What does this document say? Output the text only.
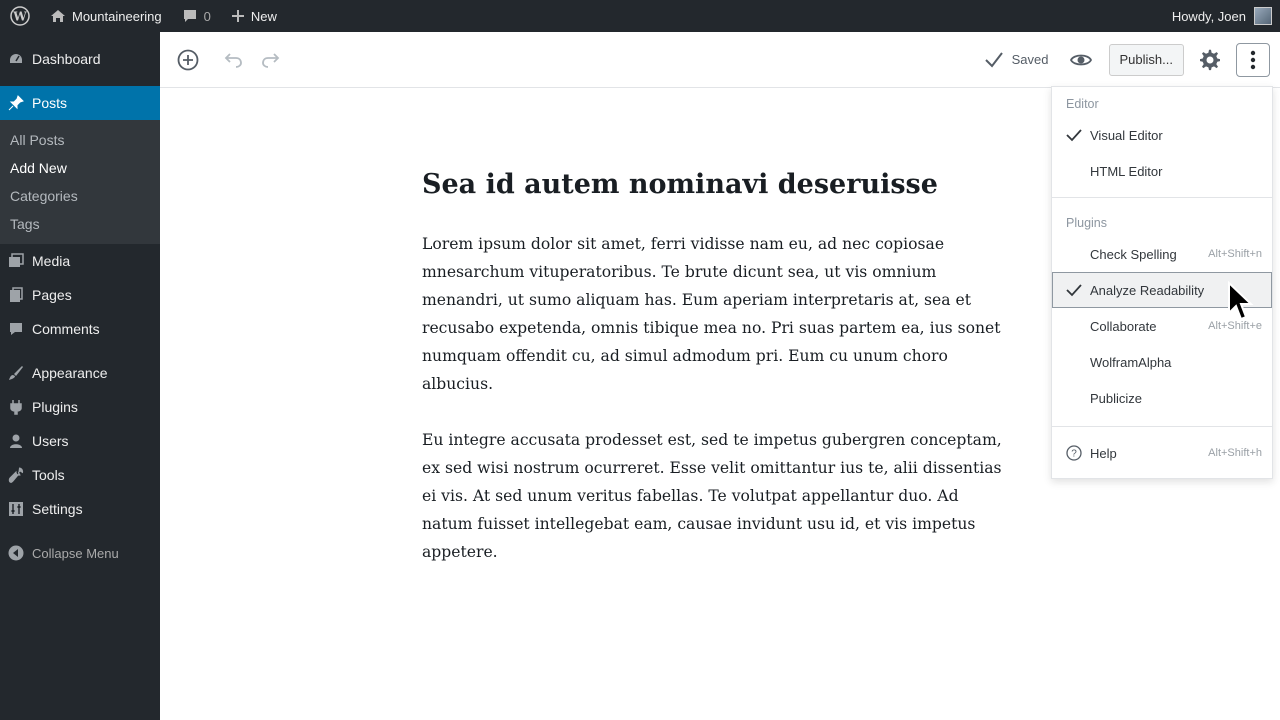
W	Mountaineering	0	New	Howdy, Joen
Dashboard
Posts
All Posts
Add New
Categories
Tags
Media
Pages
Comments
Appearance
Plugins
Users
Tools
Settings
Collapse Menu
Saved	Publish...
Sea id autem nominavi deseruisse

Lorem ipsum dolor sit amet, ferri vidisse nam eu, ad nec copiosae mnesarchum vituperatoribus. Te brute dicunt sea, ut vis omnium menandri, ut sumo aliquam has. Eum aperiam interpretaris at, sea et recusabo expetenda, omnis tibique mea no. Pri suas partem ea, ius sonet numquam offendit cu, ad simul admodum pri. Eum cu unum choro albucius.

Eu integre accusata prodesset est, sed te impetus gubergren conceptam, ex sed wisi nostrum ocurreret. Esse velit omittantur ius te, alii dissentias ei vis. At sed unum veritus fabellas. Te volutpat appellantur duo. Ad natum fuisset intellegebat eam, causae invidunt usu id, et vis impetus appetere.

Editor
Visual Editor
HTML Editor
Plugins
Check Spelling	Alt+Shift+n
Analyze Readability
Collaborate	Alt+Shift+e
WolframAlpha
Publicize
? Help	Alt+Shift+h
